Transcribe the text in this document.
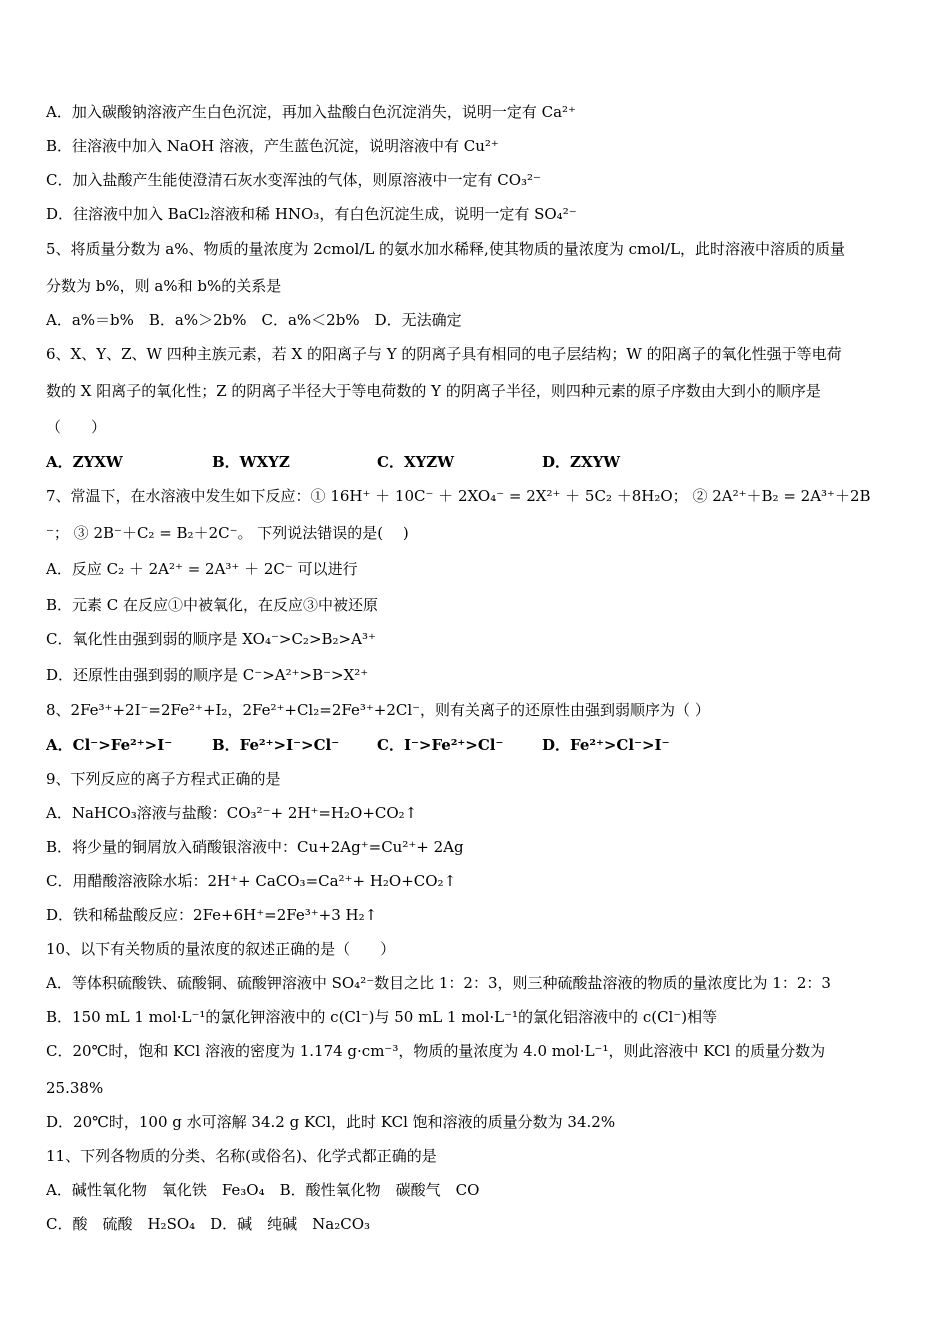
A．加入碳酸钠溶液产生白色沉淀，再加入盐酸白色沉淀消失，说明一定有 Ca²⁺
B．往溶液中加入 NaOH 溶液，产生蓝色沉淀，说明溶液中有 Cu²⁺
C．加入盐酸产生能使澄清石灰水变浑浊的气体，则原溶液中一定有 CO₃²⁻
D．往溶液中加入 BaCl₂溶液和稀 HNO₃，有白色沉淀生成，说明一定有 SO₄²⁻
5、将质量分数为 a%、物质的量浓度为 2cmol/L 的氨水加水稀释,使其物质的量浓度为 cmol/L，此时溶液中溶质的质量
分数为 b%，则 a%和 b%的关系是
A．a%＝b%　B．a%＞2b%　C．a%＜2b%　D．无法确定
6、X、Y、Z、W 四种主族元素，若 X 的阳离子与 Y 的阴离子具有相同的电子层结构；W 的阳离子的氧化性强于等电荷
数的 X 阳离子的氧化性；Z 的阴离子半径大于等电荷数的 Y 的阴离子半径，则四种元素的原子序数由大到小的顺序是
（　　）
A．ZYXW	B．WXYZ	C．XYZW	D．ZXYW
7、常温下，在水溶液中发生如下反应：① 16H⁺ ＋ 10C⁻ ＋ 2XO₄⁻ = 2X²⁺ ＋ 5C₂ ＋8H₂O； ② 2A²⁺＋B₂ = 2A³⁺＋2B
⁻； ③ 2B⁻＋C₂ = B₂＋2C⁻。 下列说法错误的是(　 )
A．反应 C₂ ＋ 2A²⁺ = 2A³⁺ ＋ 2C⁻ 可以进行
B．元素 C 在反应①中被氧化，在反应③中被还原
C．氧化性由强到弱的顺序是 XO₄⁻>C₂>B₂>A³⁺
D．还原性由强到弱的顺序是 C⁻>A²⁺>B⁻>X²⁺
8、2Fe³⁺+2I⁻=2Fe²⁺+I₂，2Fe²⁺+Cl₂=2Fe³⁺+2Cl⁻，则有关离子的还原性由强到弱顺序为（ ）
A．Cl⁻>Fe²⁺>I⁻	B．Fe²⁺>I⁻>Cl⁻	C．I⁻>Fe²⁺>Cl⁻	D．Fe²⁺>Cl⁻>I⁻
9、下列反应的离子方程式正确的是
A．NaHCO₃溶液与盐酸：CO₃²⁻+ 2H⁺=H₂O+CO₂↑
B．将少量的铜屑放入硝酸银溶液中：Cu+2Ag⁺=Cu²⁺+ 2Ag
C．用醋酸溶液除水垢：2H⁺+ CaCO₃=Ca²⁺+ H₂O+CO₂↑
D．铁和稀盐酸反应：2Fe+6H⁺=2Fe³⁺+3 H₂↑
10、以下有关物质的量浓度的叙述正确的是（　　）
A．等体积硫酸铁、硫酸铜、硫酸钾溶液中 SO₄²⁻数目之比 1：2：3，则三种硫酸盐溶液的物质的量浓度比为 1：2：3
B．150 mL 1 mol·L⁻¹的氯化钾溶液中的 c(Cl⁻)与 50 mL 1 mol·L⁻¹的氯化铝溶液中的 c(Cl⁻)相等
C．20℃时，饱和 KCl 溶液的密度为 1.174 g·cm⁻³，物质的量浓度为 4.0 mol·L⁻¹，则此溶液中 KCl 的质量分数为
25.38%
D．20℃时，100 g 水可溶解 34.2 g KCl，此时 KCl 饱和溶液的质量分数为 34.2%
11、下列各物质的分类、名称(或俗名)、化学式都正确的是
A．碱性氧化物　氧化铁　Fe₃O₄　B．酸性氧化物　碳酸气　CO
C．酸　硫酸　H₂SO₄　D．碱　纯碱　Na₂CO₃
